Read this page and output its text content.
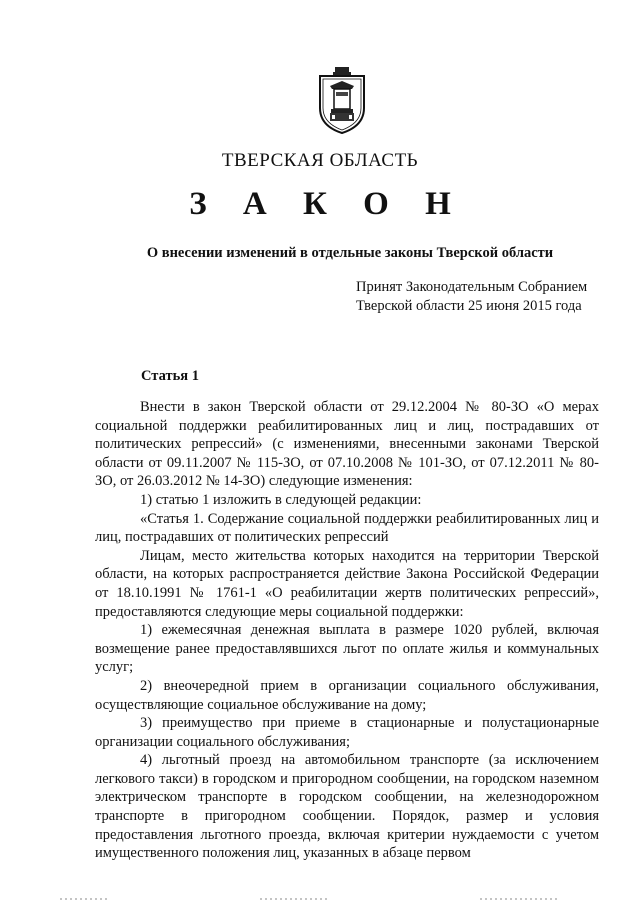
ТВЕРСКАЯ ОБЛАСТЬ
З А К О Н
О внесении изменений в отдельные законы Тверской области
Принят Законодательным Собранием
Тверской области 25 июня 2015 года
Статья 1

Внести в закон Тверской области от 29.12.2004 № 80-ЗО «О мерах социальной поддержки реабилитированных лиц и лиц, пострадавших от политических репрессий» (с изменениями, внесенными законами Тверской области от 09.11.2007 № 115-ЗО, от 07.10.2008 № 101-ЗО, от 07.12.2011 № 80-ЗО, от 26.03.2012 № 14-ЗО) следующие изменения:

1) статью 1 изложить в следующей редакции:

«Статья 1. Содержание социальной поддержки реабилитированных лиц и лиц, пострадавших от политических репрессий

Лицам, место жительства которых находится на территории Тверской области, на которых распространяется действие Закона Российской Федерации от 18.10.1991 № 1761-1 «О реабилитации жертв политических репрессий», предоставляются следующие меры социальной поддержки:

1) ежемесячная денежная выплата в размере 1020 рублей, включая возмещение ранее предоставлявшихся льгот по оплате жилья и коммунальных услуг;

2) внеочередной прием в организации социального обслуживания, осуществляющие социальное обслуживание на дому;

3) преимущество при приеме в стационарные и полустационарные организации социального обслуживания;

4) льготный проезд на автомобильном транспорте (за исключением легкового такси) в городском и пригородном сообщении, на городском наземном электрическом транспорте в городском сообщении, на железнодорожном транспорте в пригородном сообщении. Порядок, размер и условия предоставления льготного проезда, включая критерии нуждаемости с учетом имущественного положения лиц, указанных в абзаце первом
